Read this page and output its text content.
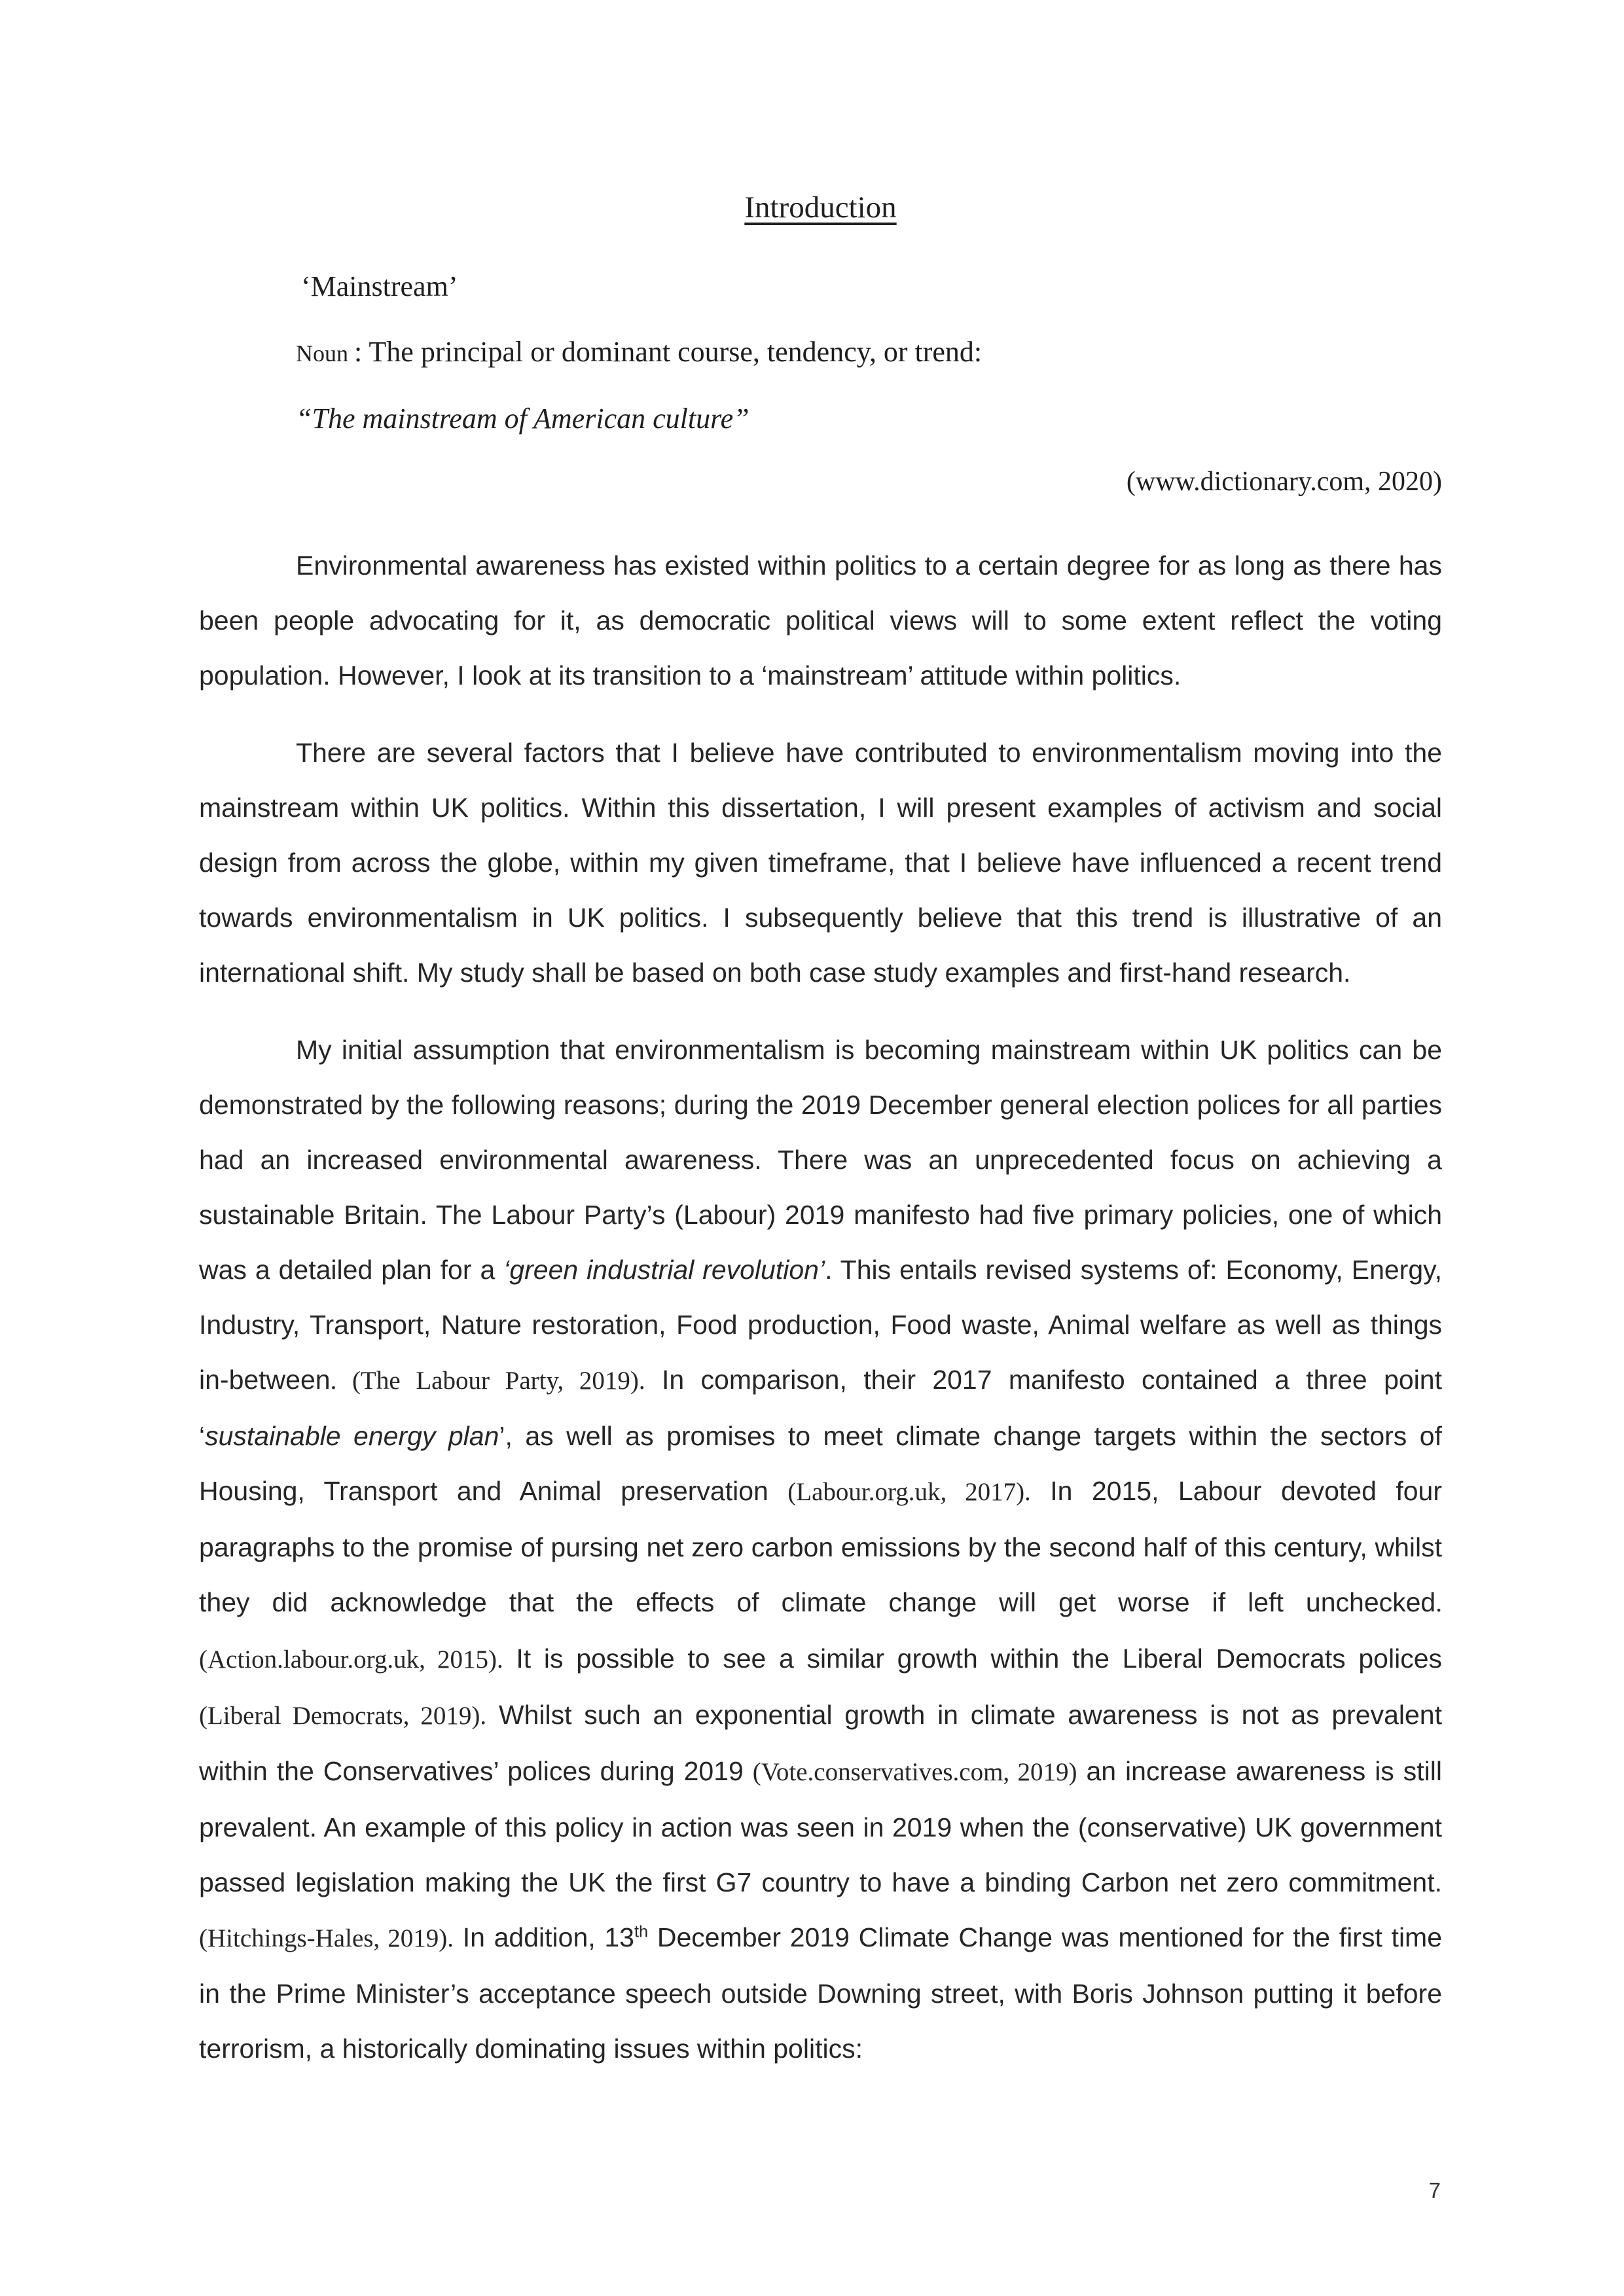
Introduction

‘Mainstream’

Noun : The principal or dominant course, tendency, or trend:

“The mainstream of American culture”

(www.dictionary.com, 2020)

Environmental awareness has existed within politics to a certain degree for as long as there has been people advocating for it, as democratic political views will to some extent reflect the voting population. However, I look at its transition to a ‘mainstream’ attitude within politics.

There are several factors that I believe have contributed to environmentalism moving into the mainstream within UK politics. Within this dissertation, I will present examples of activism and social design from across the globe, within my given timeframe, that I believe have influenced a recent trend towards environmentalism in UK politics. I subsequently believe that this trend is illustrative of an international shift. My study shall be based on both case study examples and first-hand research.

My initial assumption that environmentalism is becoming mainstream within UK politics can be demonstrated by the following reasons; during the 2019 December general election polices for all parties had an increased environmental awareness. There was an unprecedented focus on achieving a sustainable Britain. The Labour Party’s (Labour) 2019 manifesto had five primary policies, one of which was a detailed plan for a ‘green industrial revolution’. This entails revised systems of: Economy, Energy, Industry, Transport, Nature restoration, Food production, Food waste, Animal welfare as well as things in-between. (The Labour Party, 2019). In comparison, their 2017 manifesto contained a three point ‘sustainable energy plan’, as well as promises to meet climate change targets within the sectors of Housing, Transport and Animal preservation (Labour.org.uk, 2017). In 2015, Labour devoted four paragraphs to the promise of pursing net zero carbon emissions by the second half of this century, whilst they did acknowledge that the effects of climate change will get worse if left unchecked. (Action.labour.org.uk, 2015). It is possible to see a similar growth within the Liberal Democrats polices (Liberal Democrats, 2019). Whilst such an exponential growth in climate awareness is not as prevalent within the Conservatives’ polices during 2019 (Vote.conservatives.com, 2019) an increase awareness is still prevalent. An example of this policy in action was seen in 2019 when the (conservative) UK government passed legislation making the UK the first G7 country to have a binding Carbon net zero commitment. (Hitchings-Hales, 2019). In addition, 13th December 2019 Climate Change was mentioned for the first time in the Prime Minister’s acceptance speech outside Downing street, with Boris Johnson putting it before terrorism, a historically dominating issues within politics:

7
